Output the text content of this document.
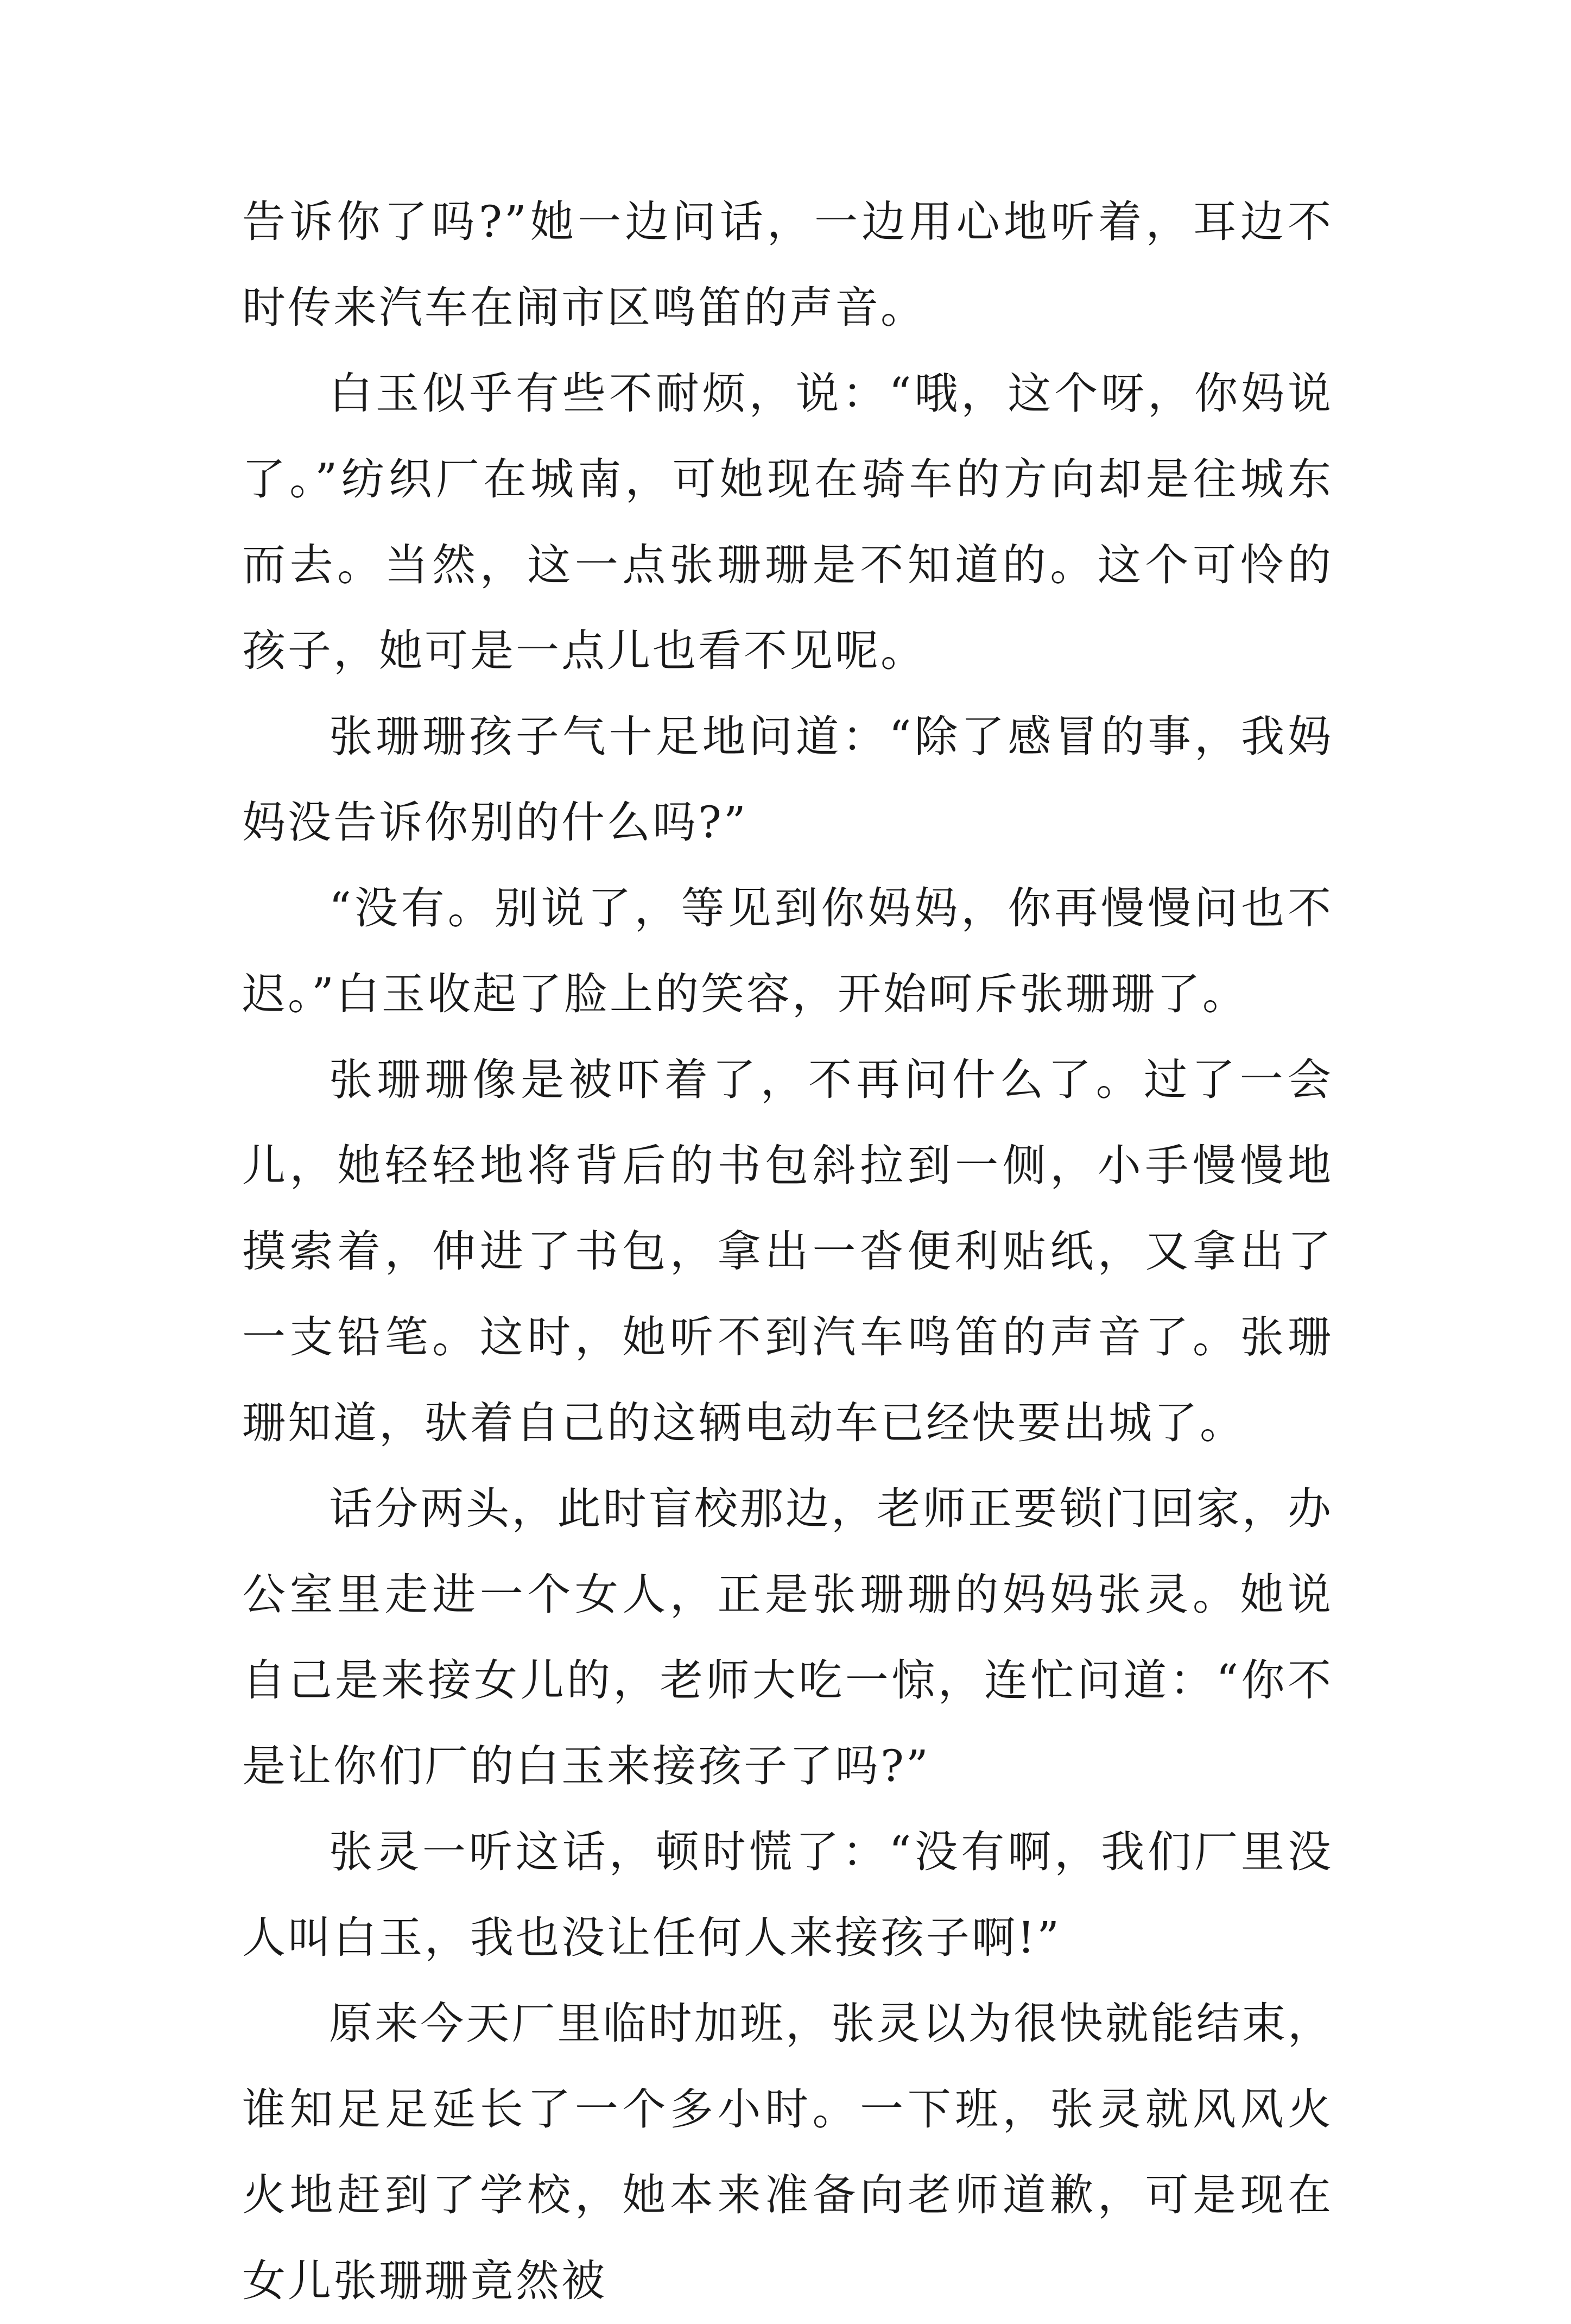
告诉你了吗?”她一边问话，一边用心地听着，耳边不时传来汽车在闹市区鸣笛的声音。

白玉似乎有些不耐烦，说：“哦，这个呀，你妈说了。”纺织厂在城南，可她现在骑车的方向却是往城东而去。当然，这一点张珊珊是不知道的。这个可怜的孩子，她可是一点儿也看不见呢。

张珊珊孩子气十足地问道：“除了感冒的事，我妈妈没告诉你别的什么吗?”

“没有。别说了，等见到你妈妈，你再慢慢问也不迟。”白玉收起了脸上的笑容，开始呵斥张珊珊了。

张珊珊像是被吓着了，不再问什么了。过了一会儿，她轻轻地将背后的书包斜拉到一侧，小手慢慢地摸索着，伸进了书包，拿出一沓便利贴纸，又拿出了一支铅笔。这时，她听不到汽车鸣笛的声音了。张珊珊知道，驮着自己的这辆电动车已经快要出城了。

话分两头，此时盲校那边，老师正要锁门回家，办公室里走进一个女人，正是张珊珊的妈妈张灵。她说自己是来接女儿的，老师大吃一惊，连忙问道：“你不是让你们厂的白玉来接孩子了吗?”

张灵一听这话，顿时慌了：“没有啊，我们厂里没人叫白玉，我也没让任何人来接孩子啊!”

原来今天厂里临时加班，张灵以为很快就能结束，谁知足足延长了一个多小时。一下班，张灵就风风火火地赶到了学校，她本来准备向老师道歉，可是现在女儿张珊珊竟然被
